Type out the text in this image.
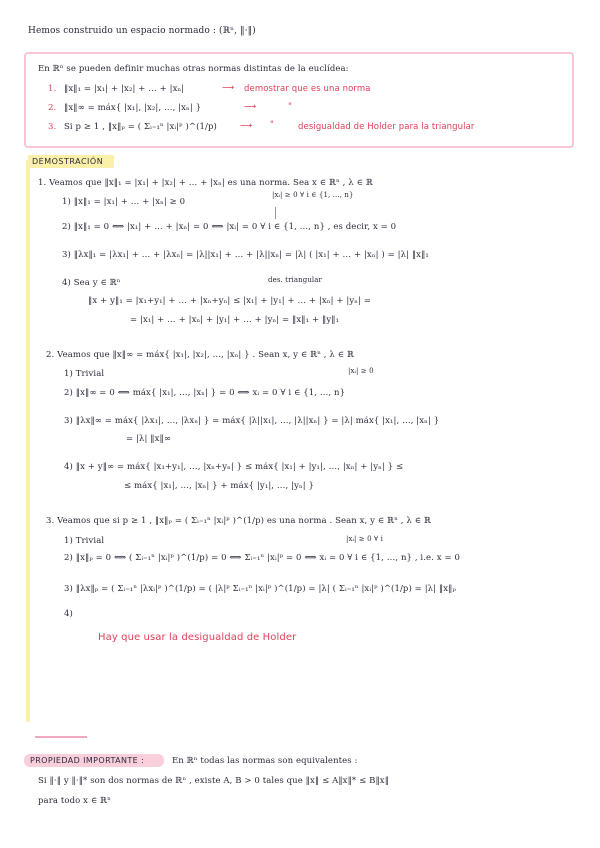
Hemos construido un espacio normado : (ℝⁿ, ‖·‖)
En ℝⁿ se pueden definir muchas otras normas distintas de la euclídea:
1. ‖x‖₁ = |x₁| + |x₂| + … + |xₙ|	⟶ demostrar que es una norma
2. ‖x‖∞ = máx{ |x₁|, |x₂|, …, |xₙ| }	⟶	"
3. Si p ≥ 1 , ‖x‖ₚ = ( Σᵢ₌₁ⁿ |xᵢ|ᵖ )^(1/p)	⟶ "	desigualdad de Holder para la triangular
DEMOSTRACIÓN
1. Veamos que ‖x‖₁ = |x₁| + |x₂| + … + |xₙ| es una norma. Sea x ∈ ℝⁿ , λ ∈ ℝ
|xᵢ| ≥ 0 ∀ i ∈ {1, …, n}
1) ‖x‖₁ = |x₁| + … + |xₙ| ≥ 0
2) ‖x‖₁ = 0 ⟺ |x₁| + … + |xₙ| = 0 ⟺ |xᵢ| = 0 ∀ i ∈ {1, …, n} , es decir, x = 0
3) ‖λx‖₁ = |λx₁| + … + |λxₙ| = |λ||x₁| + … + |λ||xₙ| = |λ| ( |x₁| + … + |xₙ| ) = |λ| ‖x‖₁
des. triangular
4) Sea y ∈ ℝⁿ
‖x + y‖₁ = |x₁+y₁| + … + |xₙ+yₙ| ≤ |x₁| + |y₁| + … + |xₙ| + |yₙ| =
= |x₁| + … + |xₙ| + |y₁| + … + |yₙ| = ‖x‖₁ + ‖y‖₁
2. Veamos que ‖x‖∞ = máx{ |x₁|, |x₂|, …, |xₙ| } . Sean x, y ∈ ℝⁿ , λ ∈ ℝ
1) Trivial	|xᵢ| ≥ 0
2) ‖x‖∞ = 0 ⟺ máx{ |x₁|, …, |xₙ| } = 0 ⟺ xᵢ = 0 ∀ i ∈ {1, …, n}
3) ‖λx‖∞ = máx{ |λx₁|, …, |λxₙ| } = máx{ |λ||x₁|, …, |λ||xₙ| } = |λ| máx{ |x₁|, …, |xₙ| }
= |λ| ‖x‖∞
4) ‖x + y‖∞ = máx{ |x₁+y₁|, …, |xₙ+yₙ| } ≤ máx{ |x₁| + |y₁|, …, |xₙ| + |yₙ| } ≤
≤ máx{ |x₁|, …, |xₙ| } + máx{ |y₁|, …, |yₙ| }
3. Veamos que si p ≥ 1 , ‖x‖ₚ = ( Σᵢ₌₁ⁿ |xᵢ|ᵖ )^(1/p) es una norma . Sean x, y ∈ ℝⁿ , λ ∈ ℝ
1) Trivial	|xᵢ| ≥ 0 ∀ i
2) ‖x‖ₚ = 0 ⟺ ( Σᵢ₌₁ⁿ |xᵢ|ᵖ )^(1/p) = 0 ⟺ Σᵢ₌₁ⁿ |xᵢ|ᵖ = 0 ⟺ xᵢ = 0 ∀ i ∈ {1, …, n} , i.e. x = 0
3) ‖λx‖ₚ = ( Σᵢ₌₁ⁿ |λxᵢ|ᵖ )^(1/p) = ( |λ|ᵖ Σᵢ₌₁ⁿ |xᵢ|ᵖ )^(1/p) = |λ| ( Σᵢ₌₁ⁿ |xᵢ|ᵖ )^(1/p) = |λ| ‖x‖ₚ
4)
Hay que usar la desigualdad de Holder
PROPIEDAD IMPORTANTE :	En ℝⁿ todas las normas son equivalentes :
Si ‖·‖ y ‖·‖* son dos normas de ℝⁿ , existe A, B > 0 tales que ‖x‖ ≤ A‖x‖* ≤ B‖x‖
para todo x ∈ ℝⁿ
